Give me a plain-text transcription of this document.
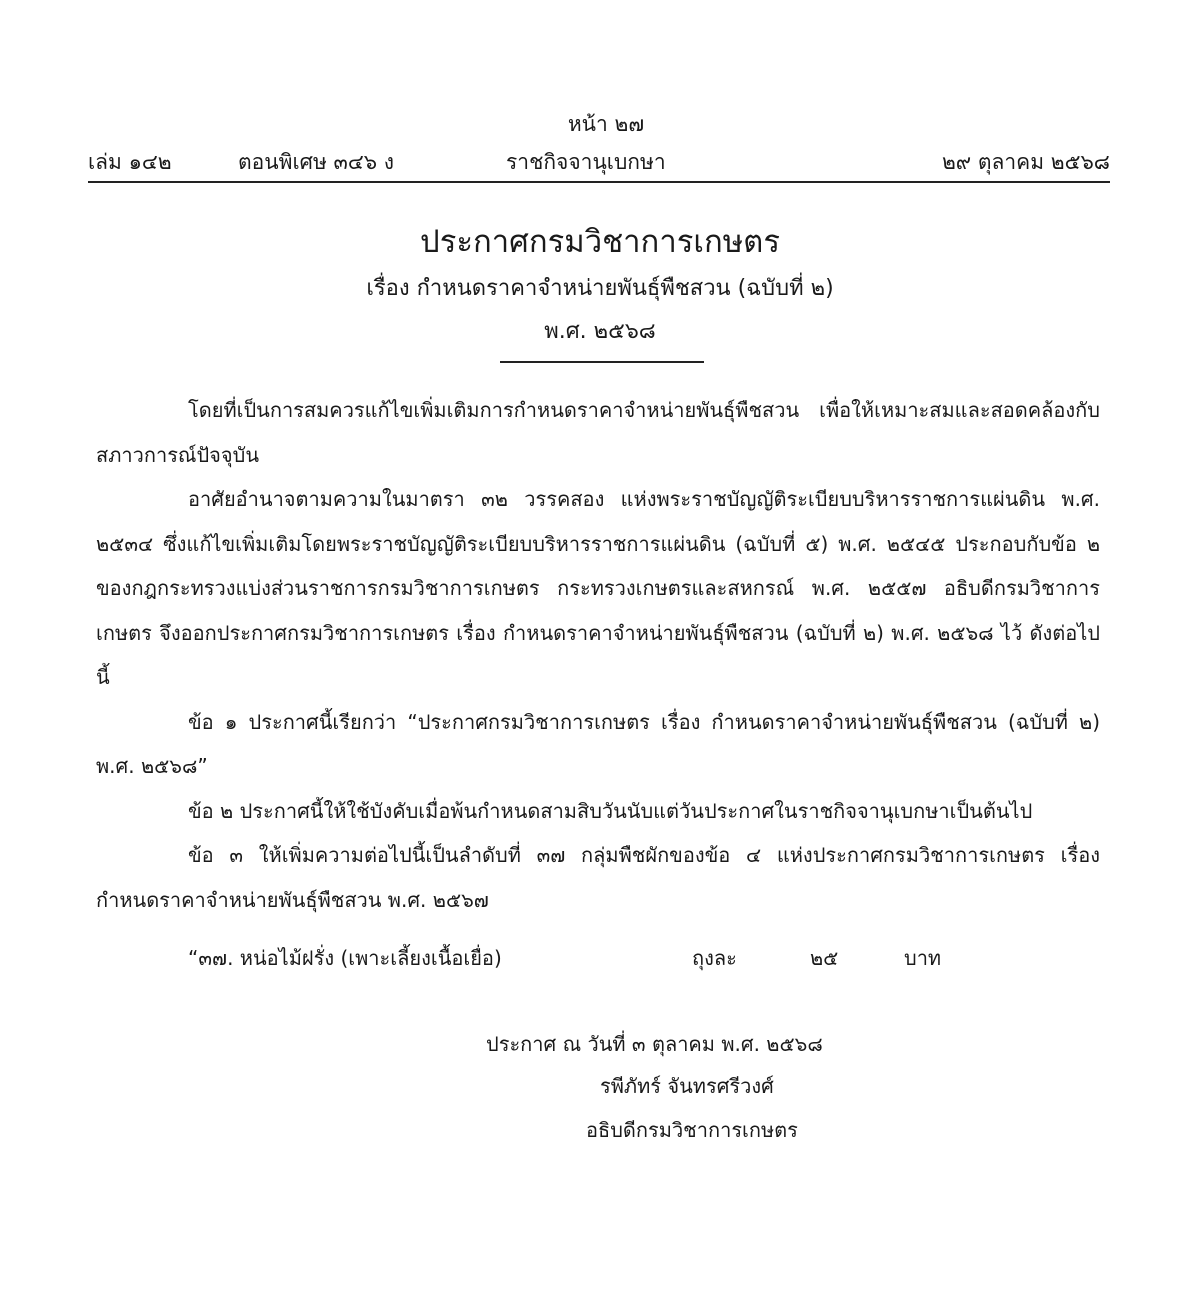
หน้า ๒๗
เล่ม ๑๔๒	ตอนพิเศษ ๓๔๖ ง	ราชกิจจานุเบกษา	๒๙ ตุลาคม ๒๕๖๘
ประกาศกรมวิชาการเกษตร
เรื่อง กำหนดราคาจำหน่ายพันธุ์พืชสวน (ฉบับที่ ๒)
พ.ศ. ๒๕๖๘

โดยที่เป็นการสมควรแก้ไขเพิ่มเติมการกำหนดราคาจำหน่ายพันธุ์พืชสวน เพื่อให้เหมาะสมและสอดคล้องกับสภาวการณ์ปัจจุบัน

อาศัยอำนาจตามความในมาตรา ๓๒ วรรคสอง แห่งพระราชบัญญัติระเบียบบริหารราชการแผ่นดิน พ.ศ. ๒๕๓๔ ซึ่งแก้ไขเพิ่มเติมโดยพระราชบัญญัติระเบียบบริหารราชการแผ่นดิน (ฉบับที่ ๕) พ.ศ. ๒๕๔๕ ประกอบกับข้อ ๒ ของกฎกระทรวงแบ่งส่วนราชการกรมวิชาการเกษตร กระทรวงเกษตรและสหกรณ์ พ.ศ. ๒๕๕๗ อธิบดีกรมวิชาการเกษตร จึงออกประกาศกรมวิชาการเกษตร เรื่อง กำหนดราคาจำหน่ายพันธุ์พืชสวน (ฉบับที่ ๒) พ.ศ. ๒๕๖๘ ไว้ ดังต่อไปนี้

ข้อ ๑ ประกาศนี้เรียกว่า “ประกาศกรมวิชาการเกษตร เรื่อง กำหนดราคาจำหน่ายพันธุ์พืชสวน (ฉบับที่ ๒) พ.ศ. ๒๕๖๘”

ข้อ ๒ ประกาศนี้ให้ใช้บังคับเมื่อพ้นกำหนดสามสิบวันนับแต่วันประกาศในราชกิจจานุเบกษาเป็นต้นไป

ข้อ ๓ ให้เพิ่มความต่อไปนี้เป็นลำดับที่ ๓๗ กลุ่มพืชผักของข้อ ๔ แห่งประกาศกรมวิชาการเกษตร เรื่อง กำหนดราคาจำหน่ายพันธุ์พืชสวน พ.ศ. ๒๕๖๗

“๓๗. หน่อไม้ฝรั่ง (เพาะเลี้ยงเนื้อเยื่อ)	ถุงละ	๒๕	บาท
ประกาศ ณ วันที่ ๓ ตุลาคม พ.ศ. ๒๕๖๘
รพีภัทร์ จันทรศรีวงศ์
อธิบดีกรมวิชาการเกษตร
